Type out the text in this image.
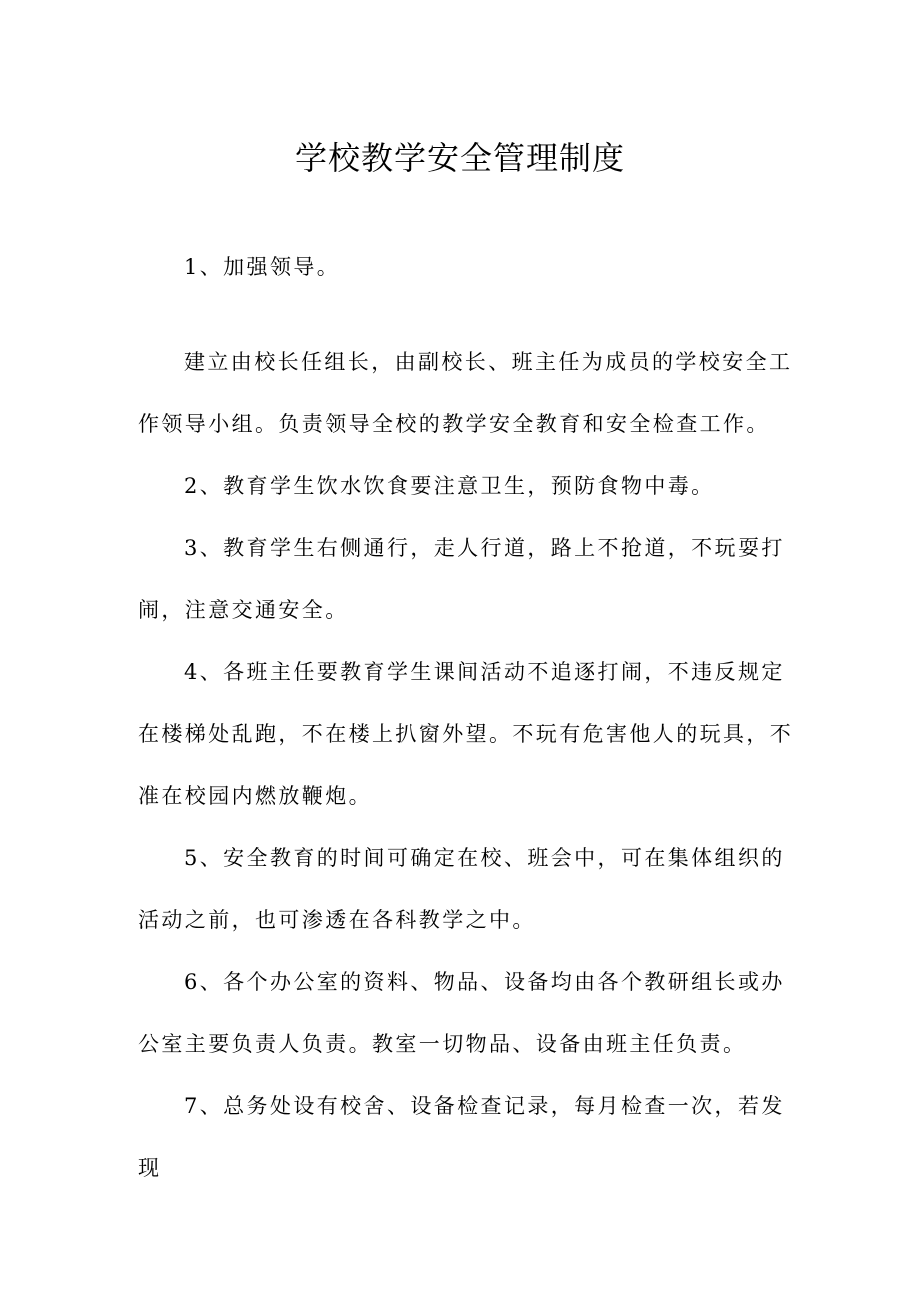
学校教学安全管理制度

1、加强领导。

建立由校长任组长，由副校长、班主任为成员的学校安全工作领导小组。负责领导全校的教学安全教育和安全检查工作。

2、教育学生饮水饮食要注意卫生，预防食物中毒。

3、教育学生右侧通行，走人行道，路上不抢道，不玩耍打闹，注意交通安全。

4、各班主任要教育学生课间活动不追逐打闹，不违反规定在楼梯处乱跑，不在楼上扒窗外望。不玩有危害他人的玩具，不准在校园内燃放鞭炮。

5、安全教育的时间可确定在校、班会中，可在集体组织的活动之前，也可渗透在各科教学之中。

6、各个办公室的资料、物品、设备均由各个教研组长或办公室主要负责人负责。教室一切物品、设备由班主任负责。

7、总务处设有校舍、设备检查记录，每月检查一次，若发现
